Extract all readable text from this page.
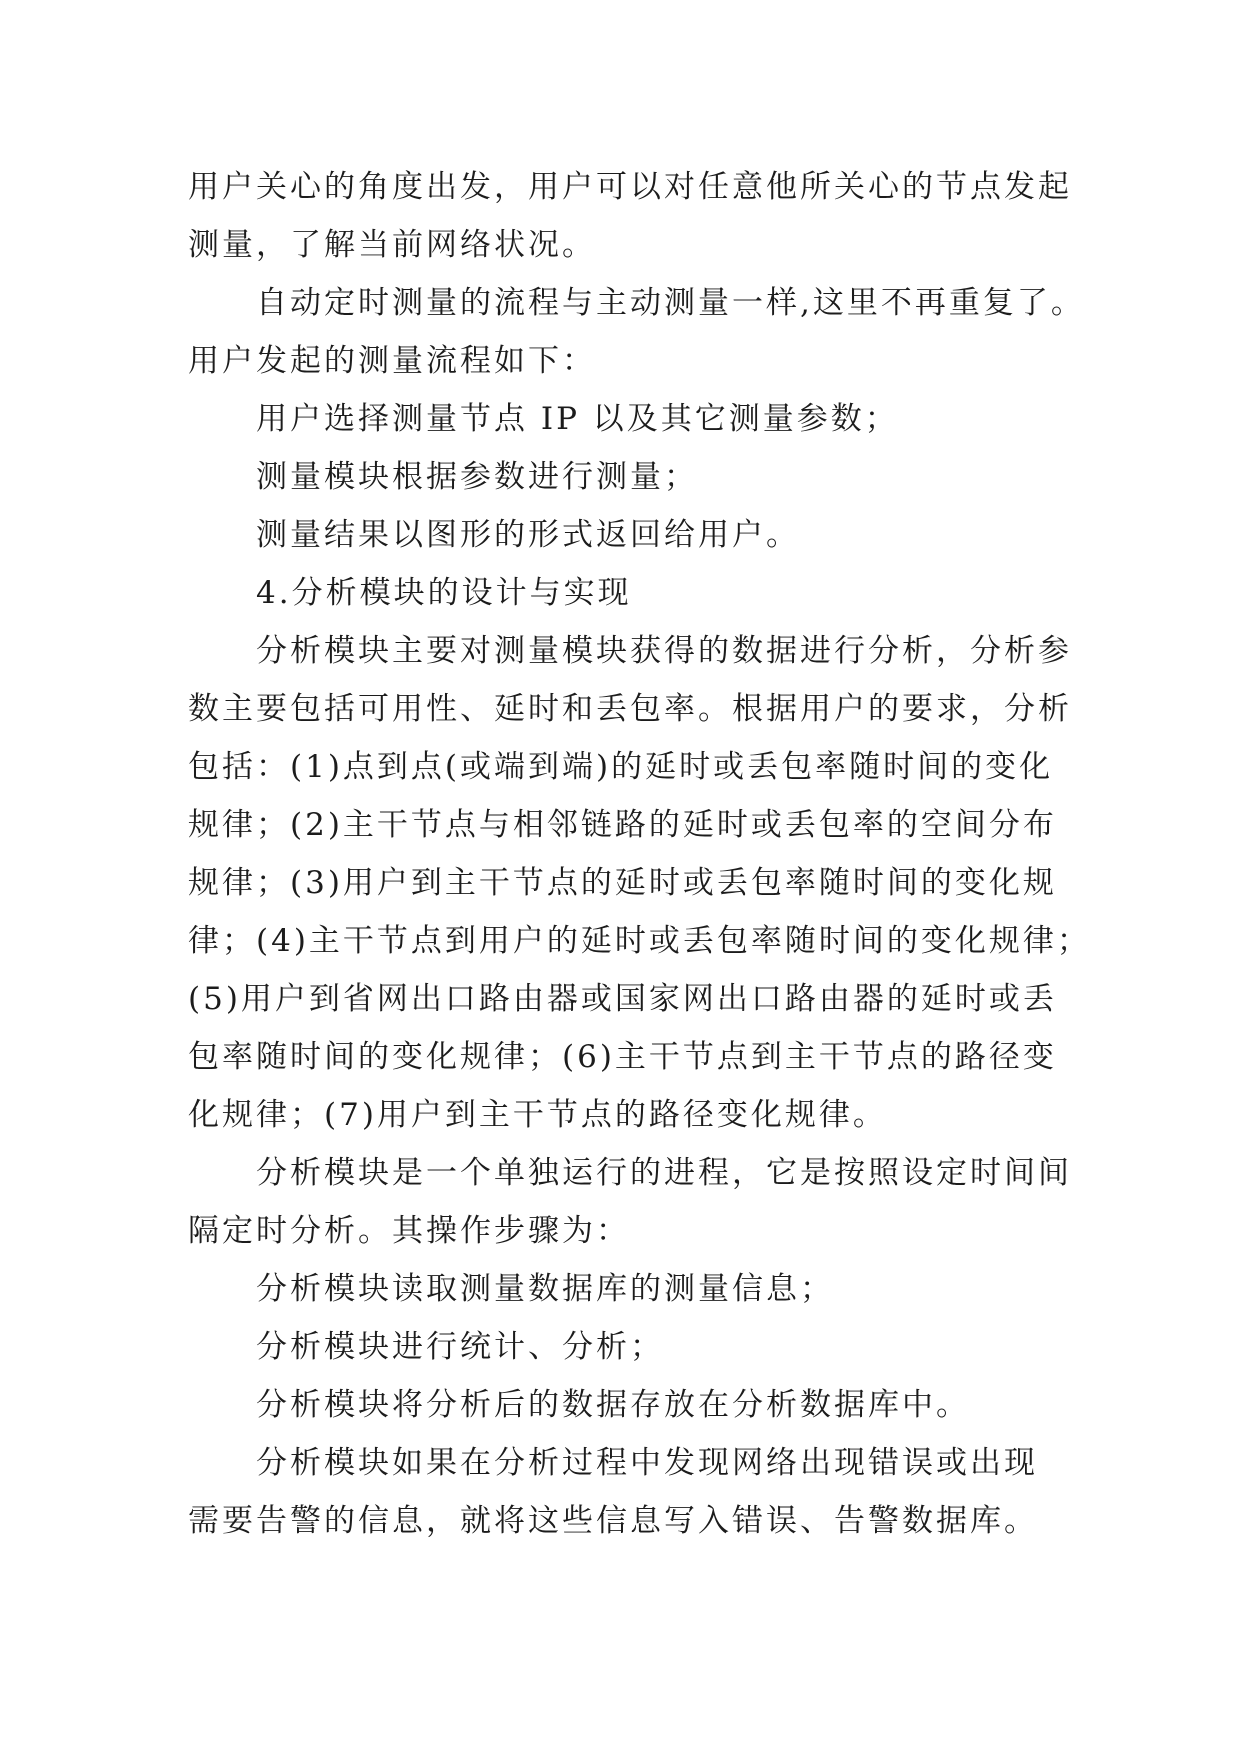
用户关心的角度出发，用户可以对任意他所关心的节点发起
测量，了解当前网络状况。
自动定时测量的流程与主动测量一样,这里不再重复了。
用户发起的测量流程如下：
用户选择测量节点 IP 以及其它测量参数；
测量模块根据参数进行测量；
测量结果以图形的形式返回给用户。
4.分析模块的设计与实现
分析模块主要对测量模块获得的数据进行分析，分析参
数主要包括可用性、延时和丢包率。根据用户的要求，分析
包括：(1)点到点(或端到端)的延时或丢包率随时间的变化
规律；(2)主干节点与相邻链路的延时或丢包率的空间分布
规律；(3)用户到主干节点的延时或丢包率随时间的变化规
律；(4)主干节点到用户的延时或丢包率随时间的变化规律；
(5)用户到省网出口路由器或国家网出口路由器的延时或丢
包率随时间的变化规律；(6)主干节点到主干节点的路径变
化规律；(7)用户到主干节点的路径变化规律。
分析模块是一个单独运行的进程，它是按照设定时间间
隔定时分析。其操作步骤为：
分析模块读取测量数据库的测量信息；
分析模块进行统计、分析；
分析模块将分析后的数据存放在分析数据库中。
分析模块如果在分析过程中发现网络出现错误或出现
需要告警的信息，就将这些信息写入错误、告警数据库。
